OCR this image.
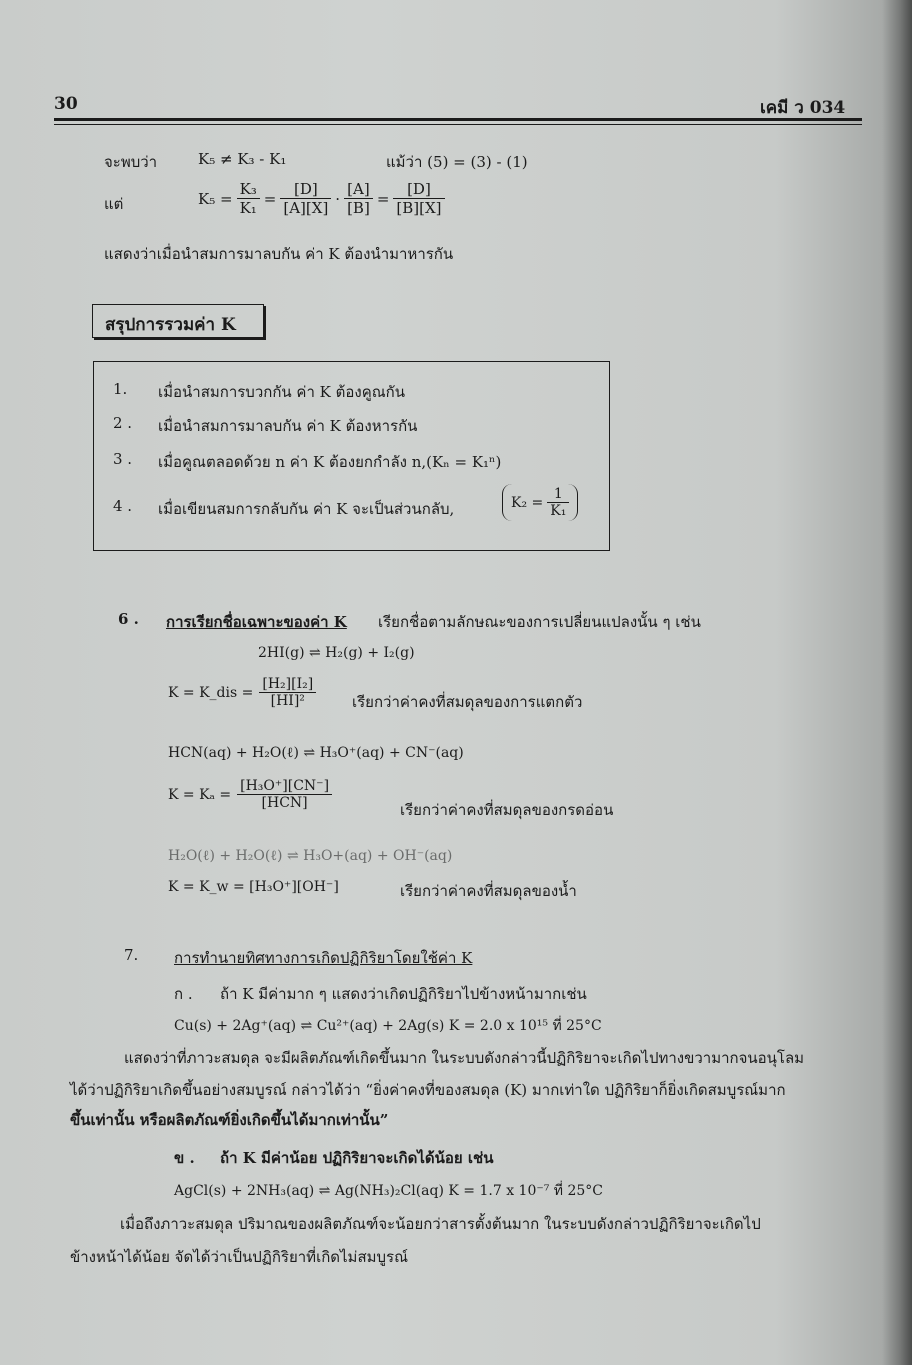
30	เคมี ว 034
จะพบว่า	K₅ ≠ K₃ - K₁	แม้ว่า (5) = (3) - (1)
แต่	$K_5 = \frac{\text{K₃}}{\text{K₁}} = \frac{[D]}{[A][X]} \cdot \frac{[A]}{[B]} = \frac{[D]}{[B][X]}$
แสดงว่าเมื่อนำสมการมาลบกัน ค่า K ต้องนำมาหารกัน
สรุปการรวมค่า K
1. เมื่อนำสมการบวกกัน ค่า K ต้องคูณกัน
2 . เมื่อนำสมการมาลบกัน ค่า K ต้องหารกัน
3 . เมื่อคูณตลอดด้วย n ค่า K ต้องยกกำลัง n,(Kₙ = K₁ⁿ)
4 . เมื่อเขียนสมการกลับกัน ค่า K จะเป็นส่วนกลับ,	$K_2 = \frac{1}{\text{K₁}}$
6 . การเรียกชื่อเฉพาะของค่า K เรียกชื่อตามลักษณะของการเปลี่ยนแปลงนั้น ๆ เช่น
2HI(g) ⇌ H₂(g) + I₂(g)
K = K_dis = $\frac{\text{[H₂][I₂]}}{\text{[HI]²}}$ เรียกว่าค่าคงที่สมดุลของการแตกตัว
HCN(aq) + H₂O(ℓ) ⇌ H₃O⁺(aq) + CN⁻(aq)
$K = K_a = \frac{\text{[H₃O⁺][CN⁻]}}{\text{[HCN]}}$	เรียกว่าค่าคงที่สมดุลของกรดอ่อน
H₂O(ℓ) + H₂O(ℓ) ⇌ H₃O+(aq) + OH⁻(aq)
K = K_w = [H₃O⁺][OH⁻]	เรียกว่าค่าคงที่สมดุลของน้ำ
7. การทำนายทิศทางการเกิดปฏิกิริยาโดยใช้ค่า K
ก . ถ้า K มีค่ามาก ๆ แสดงว่าเกิดปฏิกิริยาไปข้างหน้ามากเช่น
Cu(s) + 2Ag⁺(aq) ⇌ Cu²⁺(aq) + 2Ag(s) K = 2.0 x 10¹⁵ ที่ 25°C
แสดงว่าที่ภาวะสมดุล จะมีผลิตภัณฑ์เกิดขึ้นมาก ในระบบดังกล่าวนี้ปฏิกิริยาจะเกิดไปทางขวามากจนอนุโลม
ได้ว่าปฏิกิริยาเกิดขึ้นอย่างสมบูรณ์ กล่าวได้ว่า “ยิ่งค่าคงที่ของสมดุล (K) มากเท่าใด ปฏิกิริยาก็ยิ่งเกิดสมบูรณ์มาก
ขึ้นเท่านั้น หรือผลิตภัณฑ์ยิ่งเกิดขึ้นได้มากเท่านั้น”
ข . ถ้า K มีค่าน้อย ปฏิกิริยาจะเกิดได้น้อย เช่น
AgCl(s) + 2NH₃(aq) ⇌ Ag(NH₃)₂Cl(aq) K = 1.7 x 10⁻⁷ ที่ 25°C
เมื่อถึงภาวะสมดุล ปริมาณของผลิตภัณฑ์จะน้อยกว่าสารตั้งต้นมาก ในระบบดังกล่าวปฏิกิริยาจะเกิดไป
ข้างหน้าได้น้อย จัดได้ว่าเป็นปฏิกิริยาที่เกิดไม่สมบูรณ์
